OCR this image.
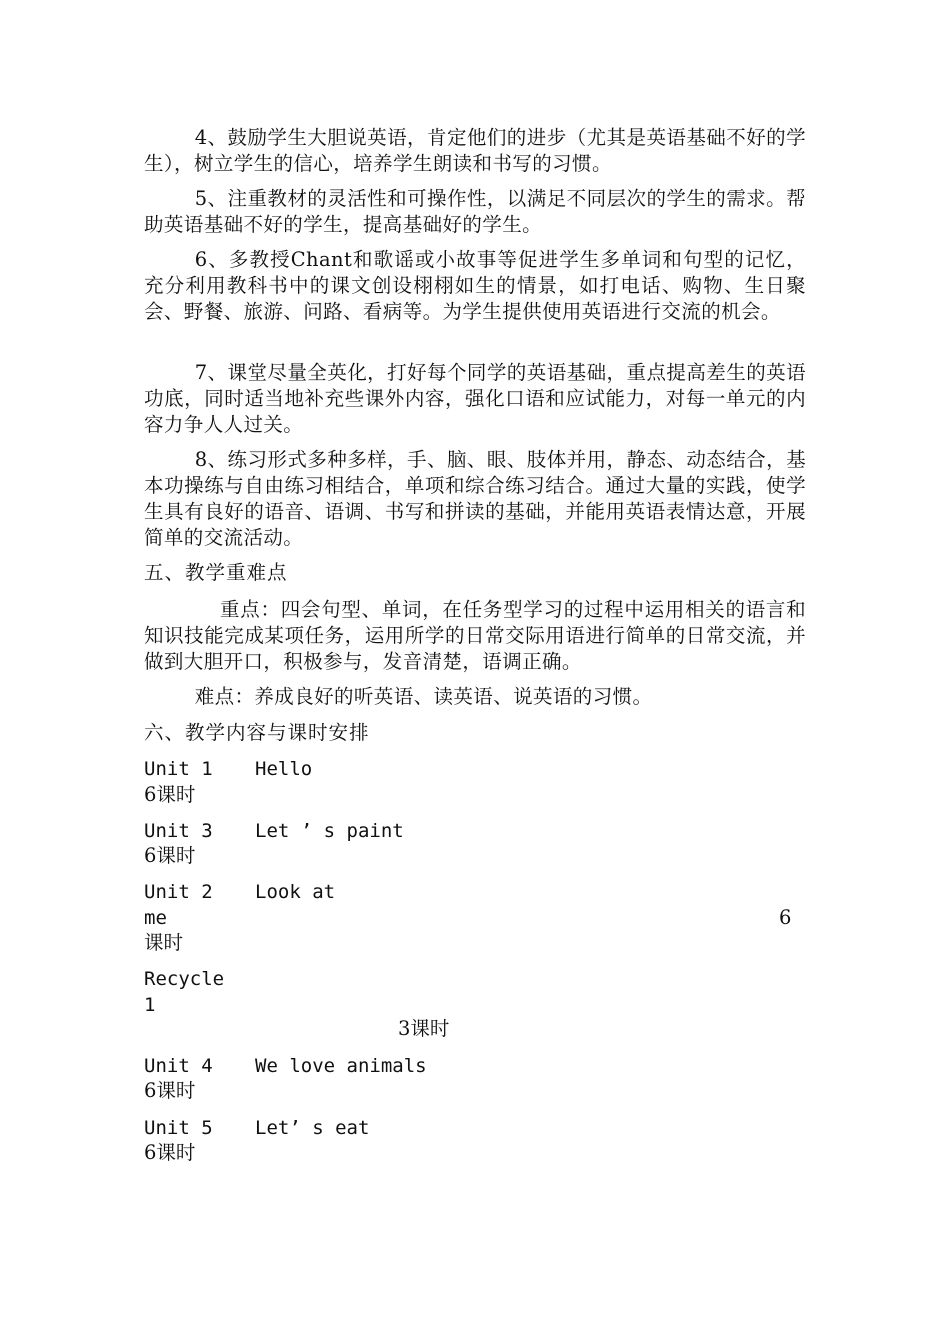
4、鼓励学生大胆说英语，肯定他们的进步（尤其是英语基础不好的学生），树立学生的信心，培养学生朗读和书写的习惯。

5、注重教材的灵活性和可操作性，以满足不同层次的学生的需求。帮助英语基础不好的学生，提高基础好的学生。

6、多教授Chant和歌谣或小故事等促进学生多单词和句型的记忆，充分利用教科书中的课文创设栩栩如生的情景，如打电话、购物、生日聚会、野餐、旅游、问路、看病等。为学生提供使用英语进行交流的机会。

7、课堂尽量全英化，打好每个同学的英语基础，重点提高差生的英语功底，同时适当地补充些课外内容，强化口语和应试能力，对每一单元的内容力争人人过关。

8、练习形式多种多样，手、脑、眼、肢体并用，静态、动态结合，基本功操练与自由练习相结合，单项和综合练习结合。通过大量的实践，使学生具有良好的语音、语调、书写和拼读的基础，并能用英语表情达意，开展简单的交流活动。

五、教学重难点

重点：四会句型、单词，在任务型学习的过程中运用相关的语言和知识技能完成某项任务，运用所学的日常交际用语进行简单的日常交流，并做到大胆开口，积极参与，发音清楚，语调正确。

难点：养成良好的听英语、读英语、说英语的习惯。

六、教学内容与课时安排

Unit 1 Hello
6课时
Unit 3 Let ’ s paint
6课时
Unit 2 Look at
me	6
课时
Recycle
1
3课时
Unit 4 We love animals
6课时
Unit 5 Let’ s eat
6课时
